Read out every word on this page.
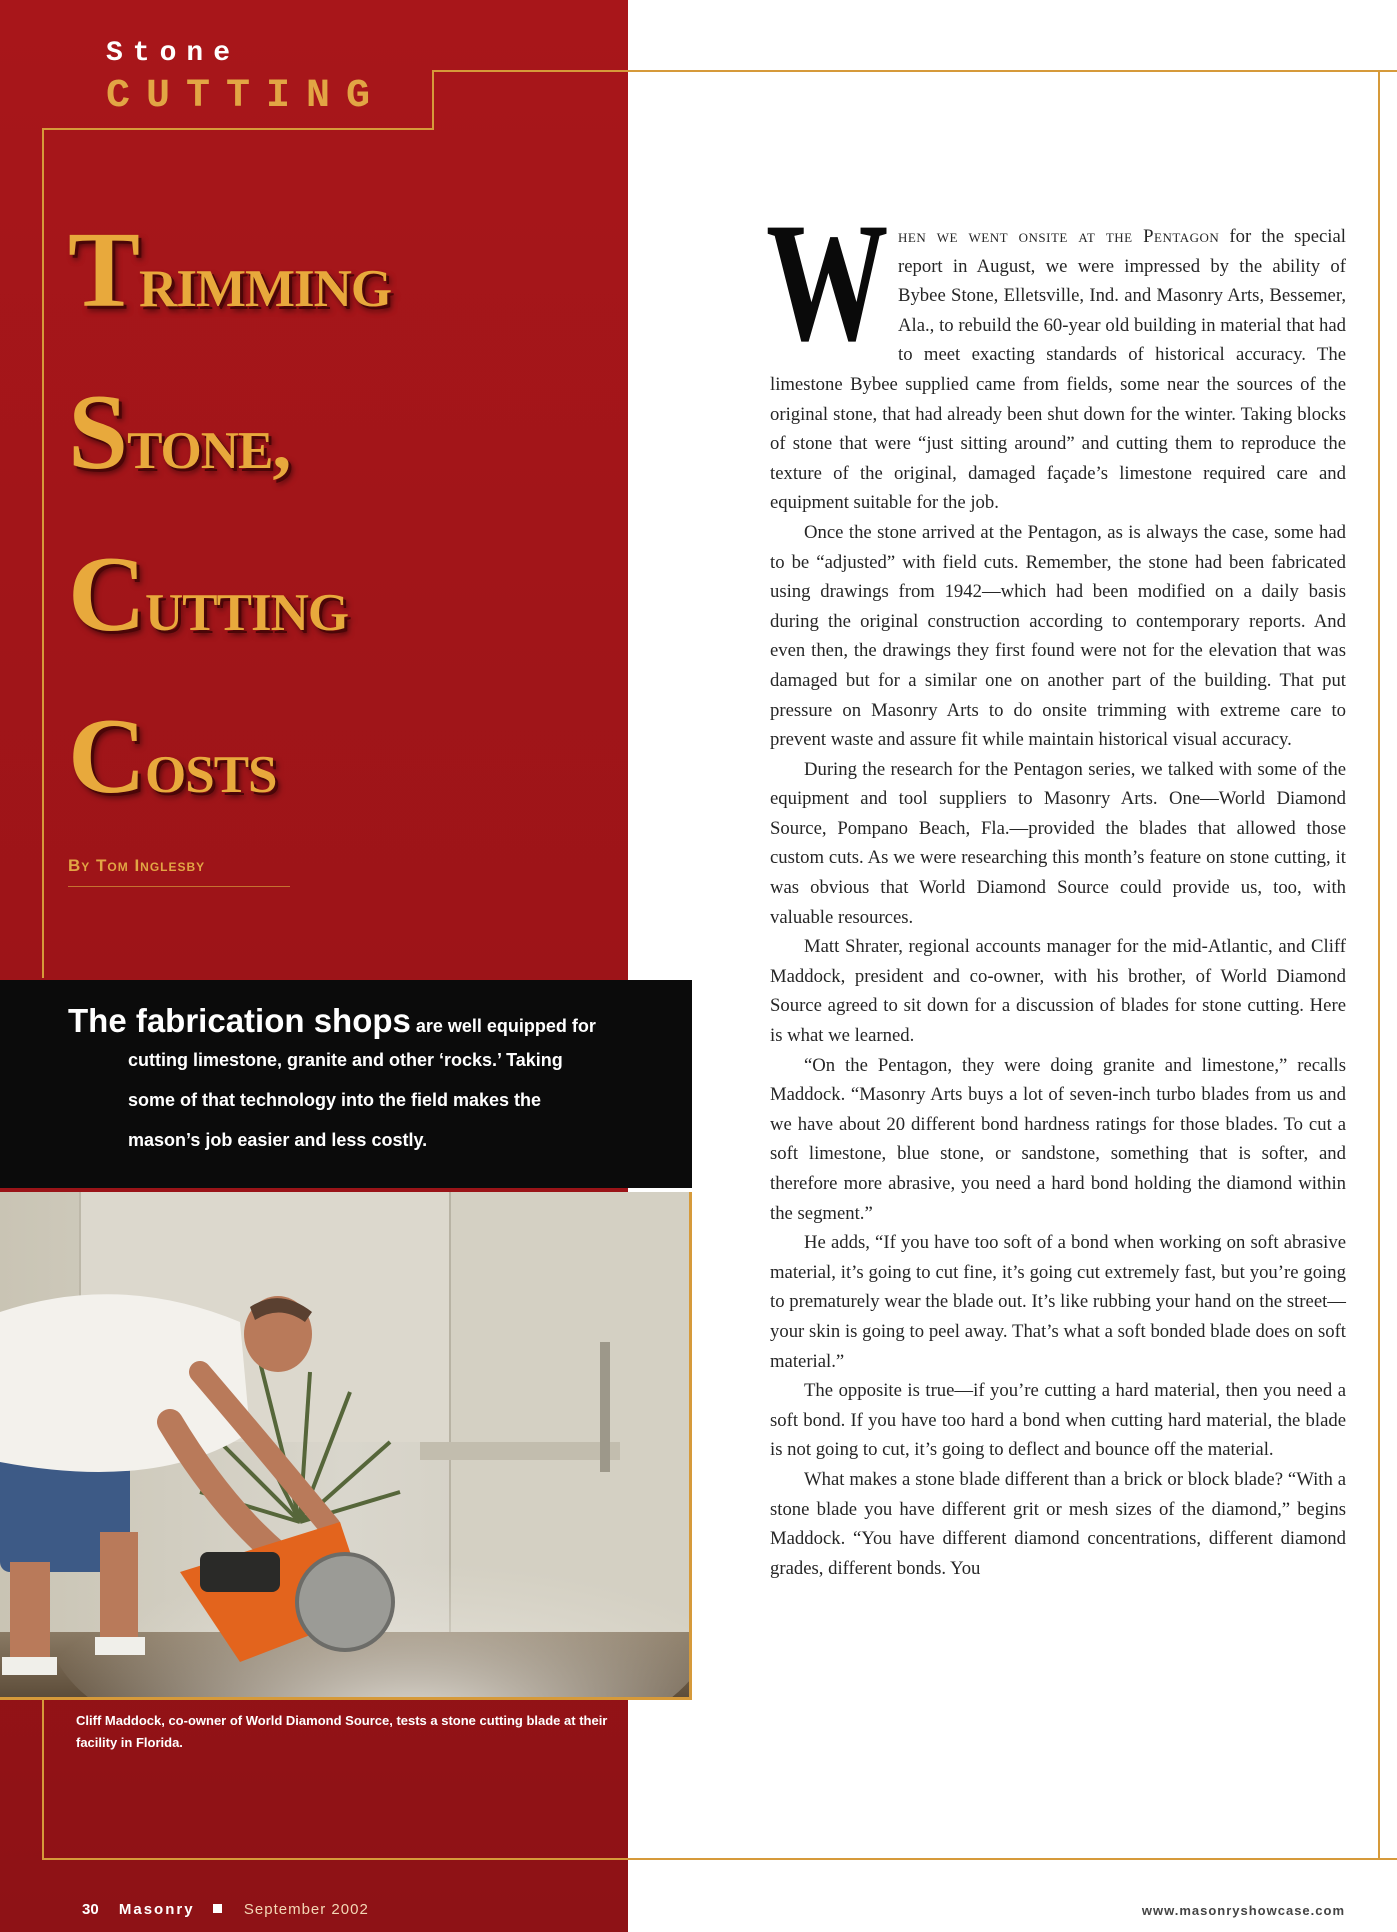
Stone
CUTTING
Trimming
Stone,
Cutting
Costs
By Tom Inglesby
The fabrication shops are well equipped for
cutting limestone, granite and other ‘rocks.’ Taking
some of that technology into the field makes the
mason’s job easier and less costly.
Cliff Maddock, co-owner of World Diamond Source, tests a stone cutting blade at their facility in Florida.

When we went onsite at the Pentagon for the special report in August, we were impressed by the ability of Bybee Stone, Elletsville, Ind. and Masonry Arts, Bessemer, Ala., to rebuild the 60-year old building in material that had to meet exacting standards of historical accuracy. The limestone Bybee supplied came from fields, some near the sources of the original stone, that had already been shut down for the winter. Taking blocks of stone that were “just sitting around” and cutting them to reproduce the texture of the original, damaged façade’s limestone required care and equipment suitable for the job.

Once the stone arrived at the Pentagon, as is always the case, some had to be “adjusted” with field cuts. Remember, the stone had been fabricated using drawings from 1942—which had been modified on a daily basis during the original construction according to contemporary reports. And even then, the drawings they first found were not for the elevation that was damaged but for a similar one on another part of the building. That put pressure on Masonry Arts to do onsite trimming with extreme care to prevent waste and assure fit while maintain historical visual accuracy.

During the research for the Pentagon series, we talked with some of the equipment and tool suppliers to Masonry Arts. One—World Diamond Source, Pompano Beach, Fla.—provided the blades that allowed those custom cuts. As we were researching this month’s feature on stone cutting, it was obvious that World Diamond Source could provide us, too, with valuable resources.

Matt Shrater, regional accounts manager for the mid-Atlantic, and Cliff Maddock, president and co-owner, with his brother, of World Diamond Source agreed to sit down for a discussion of blades for stone cutting. Here is what we learned.

“On the Pentagon, they were doing granite and limestone,” recalls Maddock. “Masonry Arts buys a lot of seven-inch turbo blades from us and we have about 20 different bond hardness ratings for those blades. To cut a soft limestone, blue stone, or sandstone, something that is softer, and therefore more abrasive, you need a hard bond holding the diamond within the segment.”

He adds, “If you have too soft of a bond when working on soft abrasive material, it’s going to cut fine, it’s going cut extremely fast, but you’re going to prematurely wear the blade out. It’s like rubbing your hand on the street—your skin is going to peel away. That’s what a soft bonded blade does on soft material.”

The opposite is true—if you’re cutting a hard material, then you need a soft bond. If you have too hard a bond when cutting hard material, the blade is not going to cut, it’s going to deflect and bounce off the material.

What makes a stone blade different than a brick or block blade? “With a stone blade you have different grit or mesh sizes of the diamond,” begins Maddock. “You have different diamond concentrations, different diamond grades, different bonds. You

30 Masonry	September 2002	www.masonryshowcase.com
